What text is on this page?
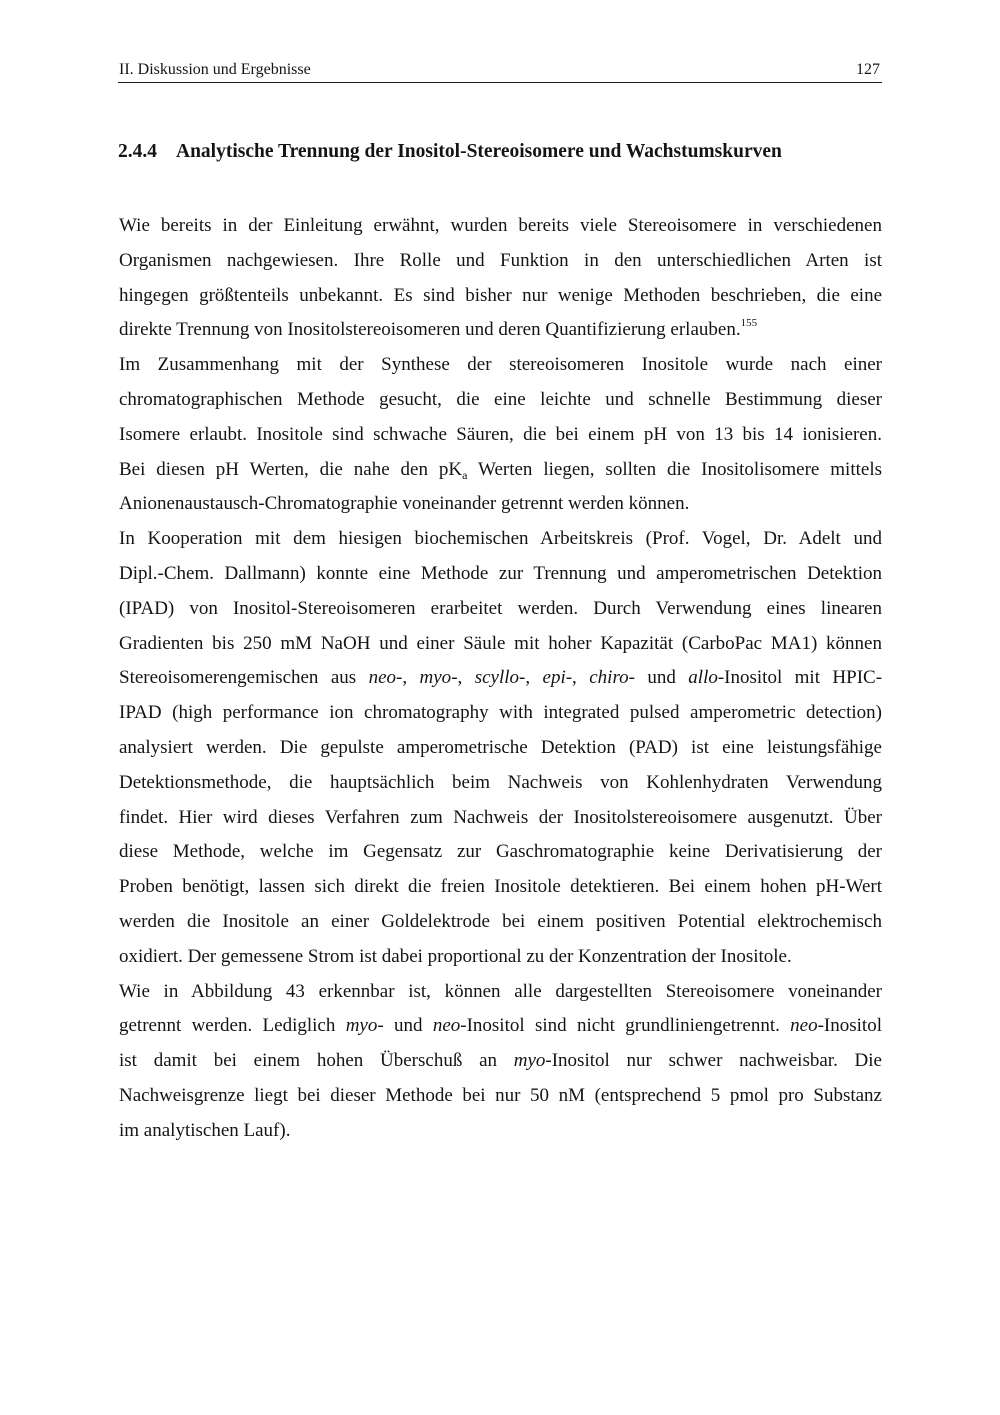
II. Diskussion und Ergebnisse	127
2.4.4 Analytische Trennung der Inositol-Stereoisomere und Wachstumskurven
Wie bereits in der Einleitung erwähnt, wurden bereits viele Stereoisomere in verschiedenen
Organismen nachgewiesen. Ihre Rolle und Funktion in den unterschiedlichen Arten ist
hingegen größtenteils unbekannt. Es sind bisher nur wenige Methoden beschrieben, die eine
direkte Trennung von Inositolstereoisomeren und deren Quantifizierung erlauben.$^{155}$
Im Zusammenhang mit der Synthese der stereoisomeren Inositole wurde nach einer
chromatographischen Methode gesucht, die eine leichte und schnelle Bestimmung dieser
Isomere erlaubt. Inositole sind schwache Säuren, die bei einem pH von 13 bis 14 ionisieren.
Bei diesen pH Werten, die nahe den $pK_a$ Werten liegen, sollten die Inositolisomere mittels
Anionenaustausch-Chromatographie voneinander getrennt werden können.
In Kooperation mit dem hiesigen biochemischen Arbeitskreis (Prof. Vogel, Dr. Adelt und
Dipl.-Chem. Dallmann) konnte eine Methode zur Trennung und amperometrischen Detektion
(IPAD) von Inositol-Stereoisomeren erarbeitet werden. Durch Verwendung eines linearen
Gradienten bis 250 mM NaOH und einer Säule mit hoher Kapazität (CarboPac MA1) können
Stereoisomerengemischen aus neo-, myo-, scyllo-, epi-, chiro- und allo-Inositol mit HPIC-
IPAD (high performance ion chromatography with integrated pulsed amperometric detection)
analysiert werden. Die gepulste amperometrische Detektion (PAD) ist eine leistungsfähige
Detektionsmethode, die hauptsächlich beim Nachweis von Kohlenhydraten Verwendung
findet. Hier wird dieses Verfahren zum Nachweis der Inositolstereoisomere ausgenutzt. Über
diese Methode, welche im Gegensatz zur Gaschromatographie keine Derivatisierung der
Proben benötigt, lassen sich direkt die freien Inositole detektieren. Bei einem hohen pH-Wert
werden die Inositole an einer Goldelektrode bei einem positiven Potential elektrochemisch
oxidiert. Der gemessene Strom ist dabei proportional zu der Konzentration der Inositole.
Wie in Abbildung 43 erkennbar ist, können alle dargestellten Stereoisomere voneinander
getrennt werden. Lediglich myo- und neo-Inositol sind nicht grundliniengetrennt. neo-Inositol
ist damit bei einem hohen Überschuß an myo-Inositol nur schwer nachweisbar. Die
Nachweisgrenze liegt bei dieser Methode bei nur 50 nM (entsprechend 5 pmol pro Substanz
im analytischen Lauf).
